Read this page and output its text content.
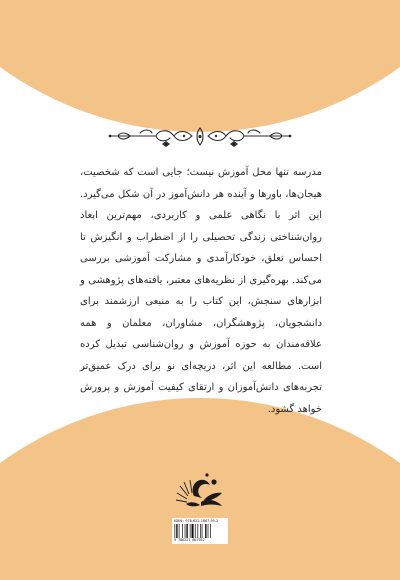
مدرسه تنها محل آموزش نیست؛ جایی است که شخصیت، هیجان‌ها، باورها و آینده هر دانش‌آموز در آن شکل می‌گیرد. این اثر با نگاهی علمی و کاربردی، مهم‌ترین ابعاد روان‌شناختی زندگی تحصیلی را از اضطراب و انگیزش تا احساس تعلق، خودکارآمدی و مشارکت آموزشی بررسی می‌کند. بهره‌گیری از نظریه‌های معتبر، یافته‌های پژوهشی و ابزارهای سنجش، این کتاب را به منبعی ارزشمند برای دانشجویان، پژوهشگران، مشاوران، معلمان و همه علاقه‌مندان به حوزه آموزش و روان‌شناسی تبدیل کرده است. مطالعه این اثر، دریچه‌ای نو برای درک عمیق‌تر تجربه‌های دانش‌آموزان و ارتقای کیفیت آموزش و پرورش خواهد گشود.

ISBN : 978-622-1867-95-2
9 786221 867952
